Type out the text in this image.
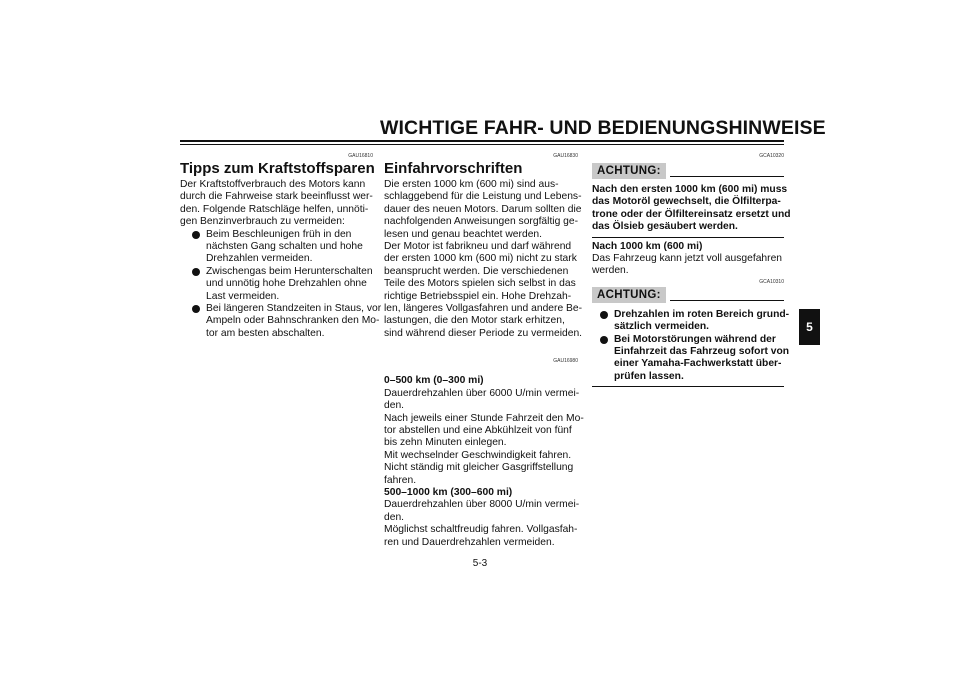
WICHTIGE FAHR- UND BEDIENUNGSHINWEISE
5
GAU16810
Tipps zum Kraftstoffsparen

Der Kraftstoffverbrauch des Motors kann

durch die Fahrweise stark beeinflusst wer-

den. Folgende Ratschläge helfen, unnöti-

gen Benzinverbrauch zu vermeiden:

Beim Beschleunigen früh in den
nächsten Gang schalten und hohe
Drehzahlen vermeiden.
Zwischengas beim Herunterschalten
und unnötig hohe Drehzahlen ohne
Last vermeiden.
Bei längeren Standzeiten in Staus, vor
Ampeln oder Bahnschranken den Mo-
tor am besten abschalten.
GAU16830
Einfahrvorschriften

Die ersten 1000 km (600 mi) sind aus-

schlaggebend für die Leistung und Lebens-

dauer des neuen Motors. Darum sollten die

nachfolgenden Anweisungen sorgfältig ge-

lesen und genau beachtet werden.

Der Motor ist fabrikneu und darf während

der ersten 1000 km (600 mi) nicht zu stark

beansprucht werden. Die verschiedenen

Teile des Motors spielen sich selbst in das

richtige Betriebsspiel ein. Hohe Drehzah-

len, längeres Vollgasfahren und andere Be-

lastungen, die den Motor stark erhitzen,

sind während dieser Periode zu vermeiden.

GAU16980

0–500 km (0–300 mi)

Dauerdrehzahlen über 6000 U/min vermei-

den.

Nach jeweils einer Stunde Fahrzeit den Mo-

tor abstellen und eine Abkühlzeit von fünf

bis zehn Minuten einlegen.

Mit wechselnder Geschwindigkeit fahren.

Nicht ständig mit gleicher Gasgriffstellung

fahren.

500–1000 km (300–600 mi)

Dauerdrehzahlen über 8000 U/min vermei-

den.

Möglichst schaltfreudig fahren. Vollgasfah-

ren und Dauerdrehzahlen vermeiden.

GCA10320
ACHTUNG:

Nach den ersten 1000 km (600 mi) muss

das Motoröl gewechselt, die Ölfilterpa-

trone oder der Ölfiltereinsatz ersetzt und

das Ölsieb gesäubert werden.

Nach 1000 km (600 mi)

Das Fahrzeug kann jetzt voll ausgefahren

werden.

GCA10310
ACHTUNG:
Drehzahlen im roten Bereich grund-
sätzlich vermeiden.
Bei Motorstörungen während der
Einfahrzeit das Fahrzeug sofort von
einer Yamaha-Fachwerkstatt über-
prüfen lassen.
5-3
